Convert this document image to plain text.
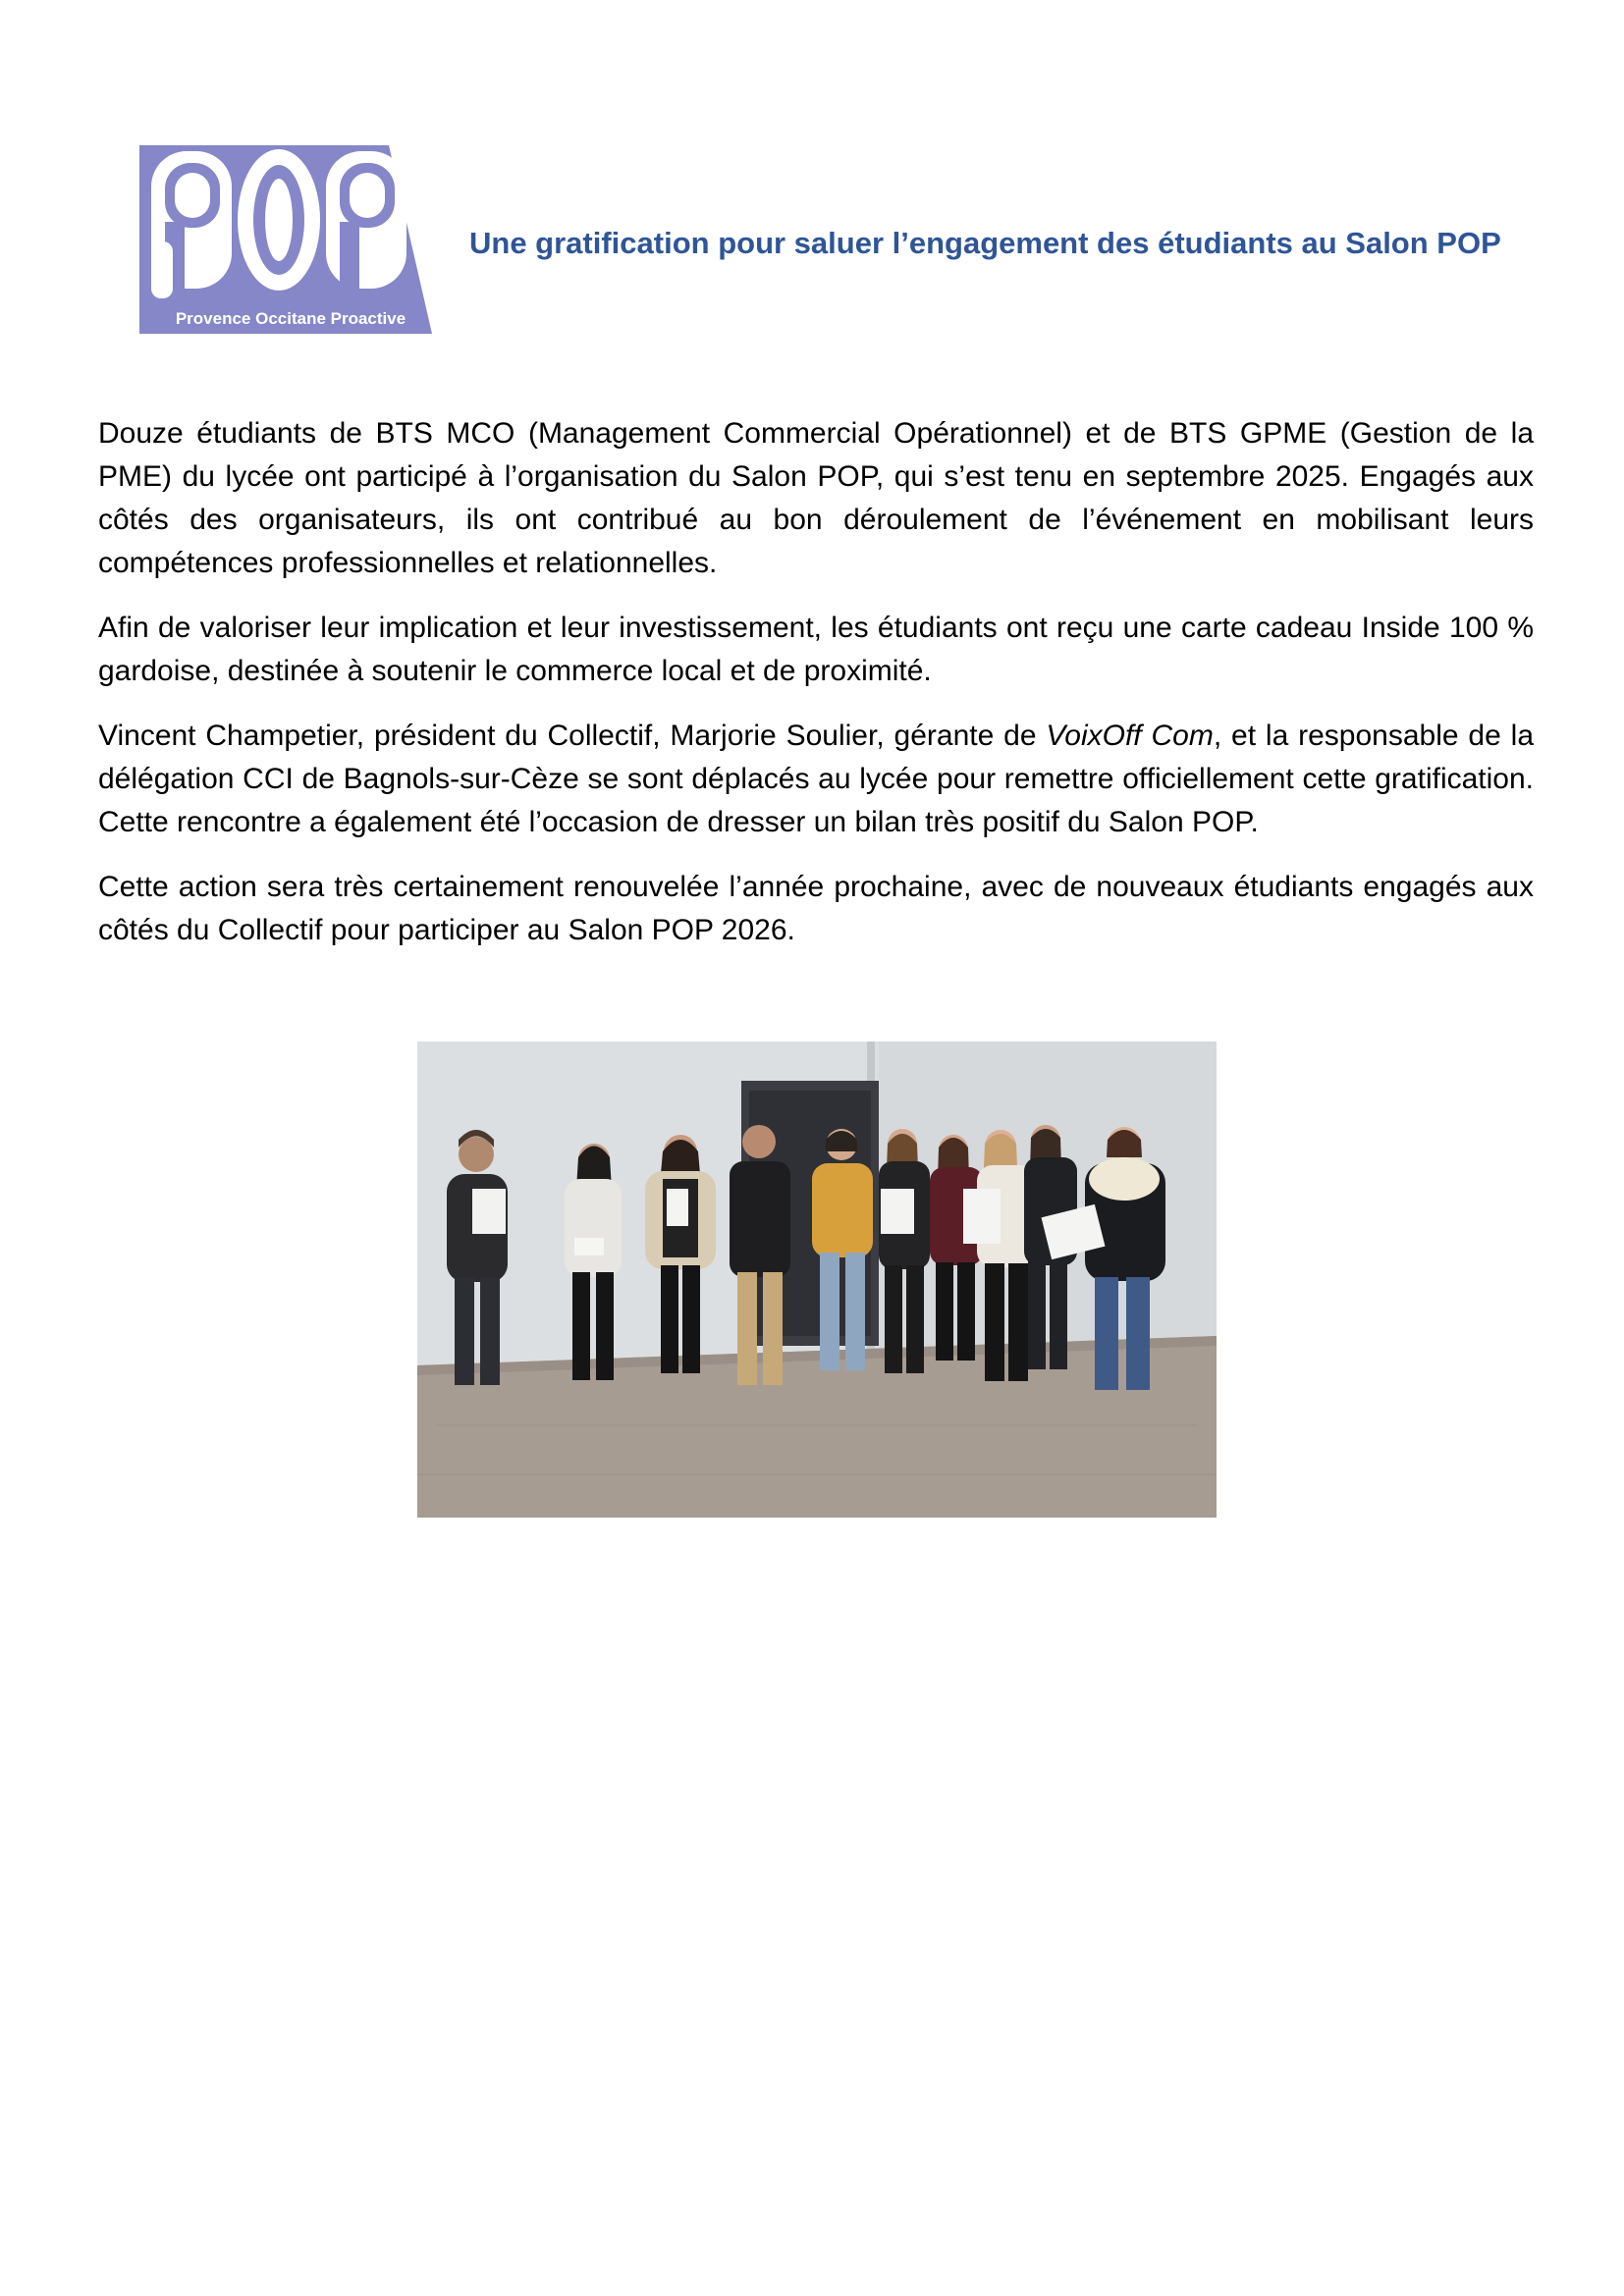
Provence Occitane Proactive
Une gratification pour saluer l’engagement des étudiants au Salon POP

Douze étudiants de BTS MCO (Management Commercial Opérationnel) et de BTS GPME (Gestion de la PME) du lycée ont participé à l’organisation du Salon POP, qui s’est tenu en septembre 2025. Engagés aux côtés des organisateurs, ils ont contribué au bon déroulement de l’événement en mobilisant leurs compétences professionnelles et relationnelles.

Afin de valoriser leur implication et leur investissement, les étudiants ont reçu une carte cadeau Inside 100 % gardoise, destinée à soutenir le commerce local et de proximité.

Vincent Champetier, président du Collectif, Marjorie Soulier, gérante de VoixOff Com, et la responsable de la délégation CCI de Bagnols-sur-Cèze se sont déplacés au lycée pour remettre officiellement cette gratification. Cette rencontre a également été l’occasion de dresser un bilan très positif du Salon POP.

Cette action sera très certainement renouvelée l’année prochaine, avec de nouveaux étudiants engagés aux côtés du Collectif pour participer au Salon POP 2026.
